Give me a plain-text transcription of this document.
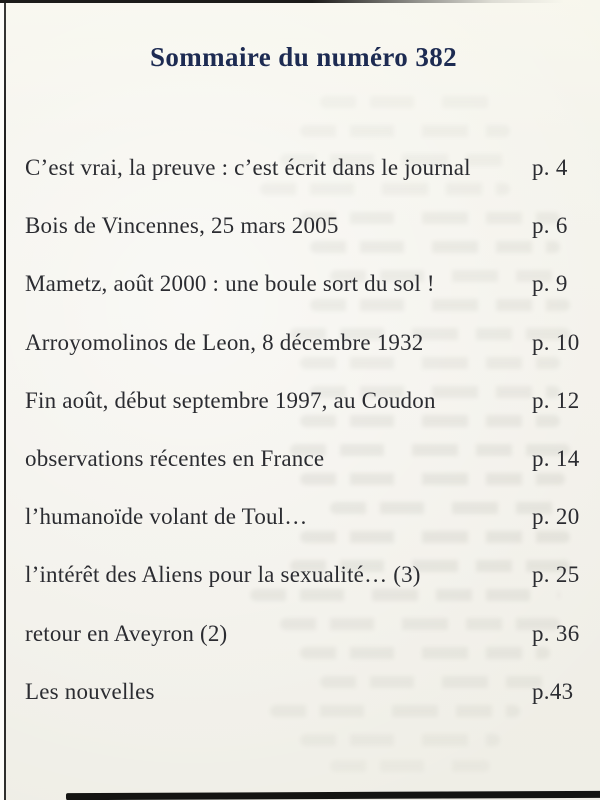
Sommaire du numéro 382
C’est vrai, la preuve : c’est écrit dans le journal	p. 4
Bois de Vincennes, 25 mars 2005	p. 6
Mametz, août 2000 : une boule sort du sol !	p. 9
Arroyomolinos de Leon, 8 décembre 1932	p. 10
Fin août, début septembre 1997, au Coudon	p. 12
observations récentes en France	p. 14
l’humanoïde volant de Toul…	p. 20
l’intérêt des Aliens pour la sexualité… (3)	p. 25
retour en Aveyron (2)	p. 36
Les nouvelles	p.43
